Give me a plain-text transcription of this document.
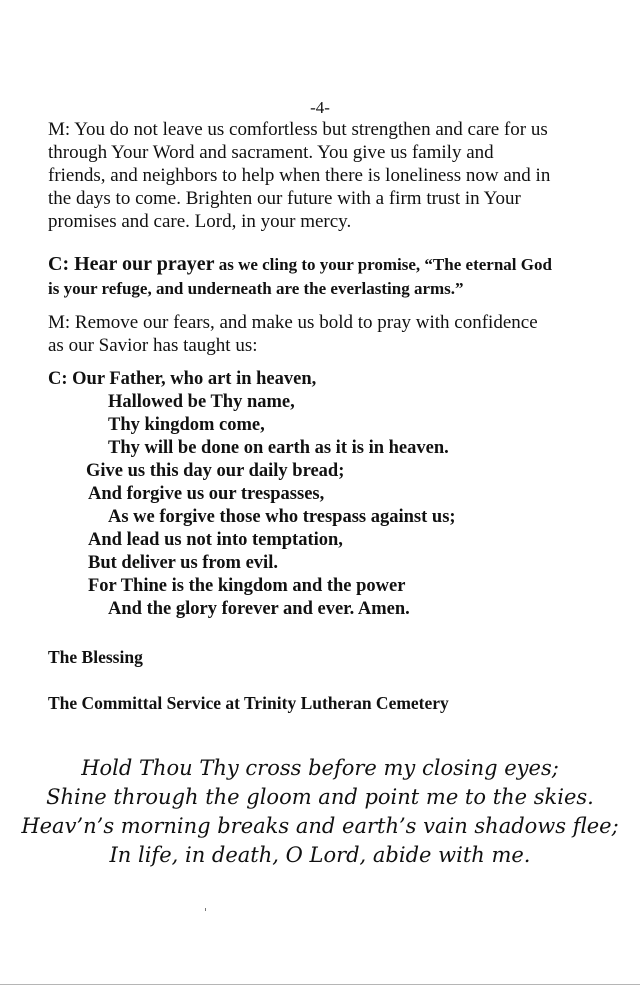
-4-
M: You do not leave us comfortless but strengthen and care for us
through Your Word and sacrament. You give us family and
friends, and neighbors to help when there is loneliness now and in
the days to come. Brighten our future with a firm trust in Your
promises and care. Lord, in your mercy.
C: Hear our prayer as we cling to your promise, “The eternal God
is your refuge, and underneath are the everlasting arms.”
M: Remove our fears, and make us bold to pray with confidence
as our Savior has taught us:
C: Our Father, who art in heaven,
Hallowed be Thy name,
Thy kingdom come,
Thy will be done on earth as it is in heaven.
Give us this day our daily bread;
And forgive us our trespasses,
As we forgive those who trespass against us;
And lead us not into temptation,
But deliver us from evil.
For Thine is the kingdom and the power
And the glory forever and ever. Amen.
The Blessing
The Committal Service at Trinity Lutheran Cemetery
Hold Thou Thy cross before my closing eyes;
Shine through the gloom and point me to the skies.
Heav’n’s morning breaks and earth’s vain shadows flee;
In life, in death, O Lord, abide with me.
